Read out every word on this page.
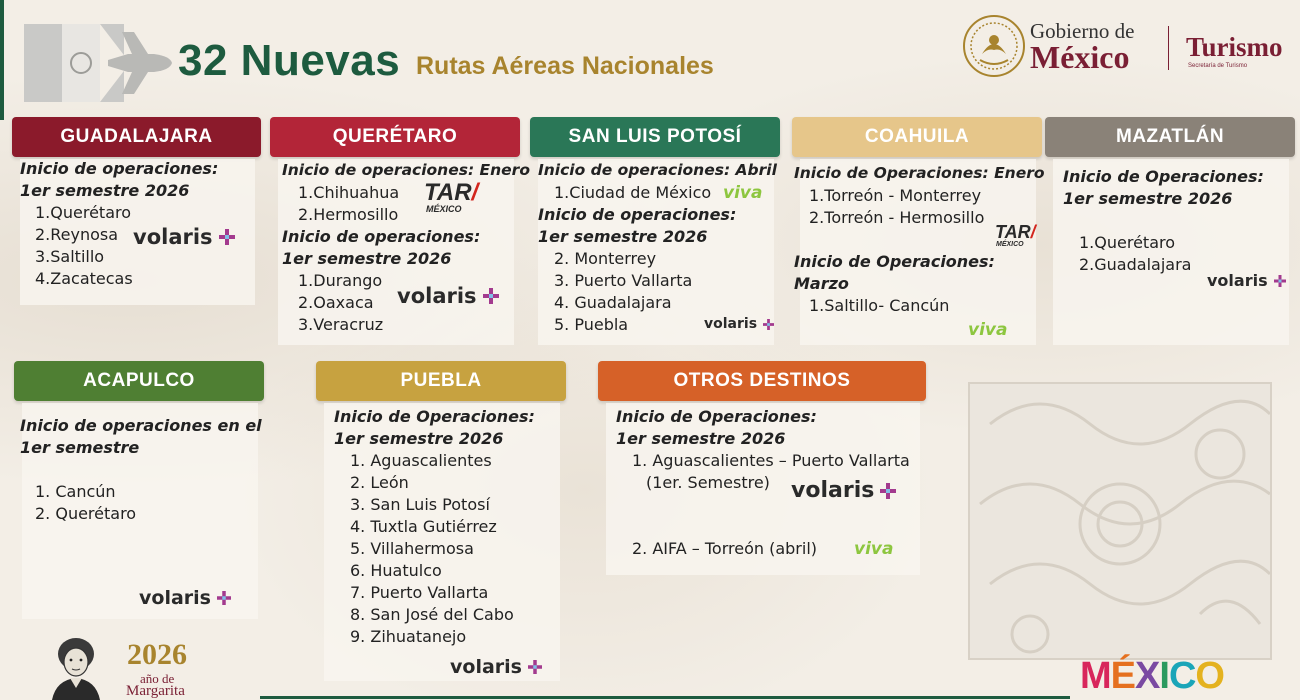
32 Nuevas Rutas Aéreas Nacionales
Gobierno de
México Turismo
Secretaría de Turismo
GUADALAJARA
Inicio de operaciones:
1er semestre 2026
1.Querétaro
2.Reynosa
3.Saltillo
4.Zacatecas
volaris
QUERÉTARO
Inicio de operaciones: Enero
1.Chihuahua
2.Hermosillo
TAR/
MÉXICO
Inicio de operaciones:
1er semestre 2026
1.Durango
2.Oaxaca
3.Veracruz
volaris
SAN LUIS POTOSÍ
Inicio de operaciones: Abril
1.Ciudad de México viva
Inicio de operaciones:
1er semestre 2026
2. Monterrey
3. Puerto Vallarta
4. Guadalajara
5. Puebla	volaris
COAHUILA
Inicio de Operaciones: Enero
1.Torreón - Monterrey
2.Torreón - Hermosillo
TAR/
MÉXICO
Inicio de Operaciones:
Marzo
1.Saltillo- Cancún
viva
MAZATLÁN
Inicio de Operaciones:
1er semestre 2026
1.Querétaro
2.Guadalajara
volaris
ACAPULCO
Inicio de operaciones en el
1er semestre
1. Cancún
2. Querétaro
volaris
PUEBLA
Inicio de Operaciones:
1er semestre 2026
1. Aguascalientes
2. León
3. San Luis Potosí
4. Tuxtla Gutiérrez
5. Villahermosa
6. Huatulco
7. Puerto Vallarta
8. San José del Cabo
9. Zihuatanejo
volaris
OTROS DESTINOS
Inicio de Operaciones:
1er semestre 2026
1. Aguascalientes – Puerto Vallarta
(1er. Semestre) volaris
2. AIFA – Torreón (abril) viva
2026
año de
Margarita	MÉXICO
